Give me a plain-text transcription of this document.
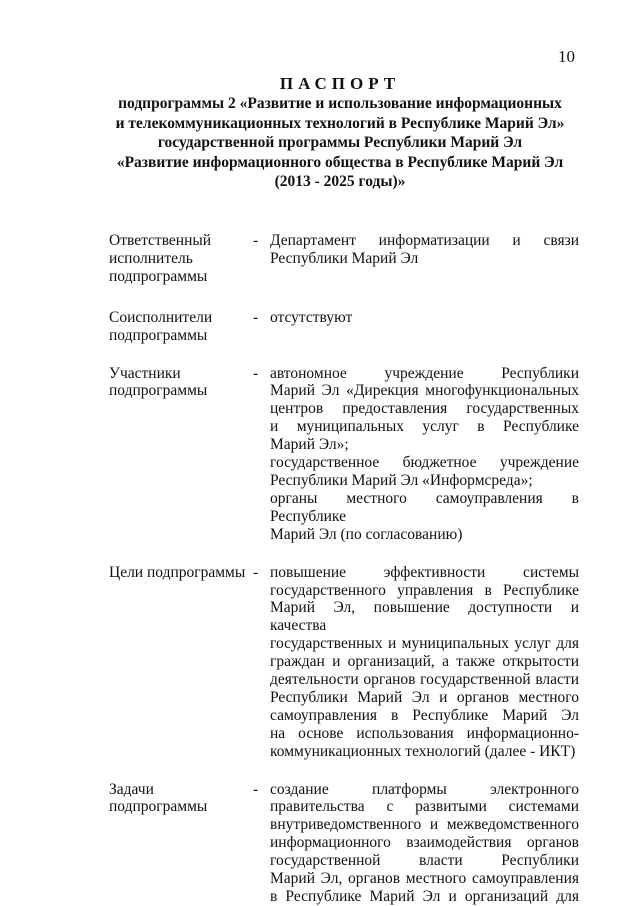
10
ПАСПОРТ
подпрограммы 2 «Развитие и использование информационных
и телекоммуникационных технологий в Республике Марий Эл»
государственной программы Республики Марий Эл
«Развитие информационного общества в Республике Марий Эл
(2013 - 2025 годы)»
Ответственный
исполнитель
подпрограммы
- Департамент информатизации и связи
Республики Марий Эл
Соисполнители
подпрограммы
- отсутствуют
Участники
подпрограммы
- автономное учреждение Республики
Марий Эл «Дирекция многофункциональных
центров предоставления государственных
и муниципальных услуг в Республике
Марий Эл»;
государственное бюджетное учреждение
Республики Марий Эл «Информсреда»;
органы местного самоуправления в Республике
Марий Эл (по согласованию)
Цели подпрограммы - повышение эффективности системы
государственного управления в Республике
Марий Эл, повышение доступности и качества
государственных и муниципальных услуг для
граждан и организаций, а также открытости
деятельности органов государственной власти
Республики Марий Эл и органов местного
самоуправления в Республике Марий Эл
на основе использования информационно-
коммуникационных технологий (далее - ИКТ)
Задачи
подпрограммы
- создание платформы электронного
правительства с развитыми системами
внутриведомственного и межведомственного
информационного взаимодействия органов
государственной власти Республики
Марий Эл, органов местного самоуправления
в Республике Марий Эл и организаций для
